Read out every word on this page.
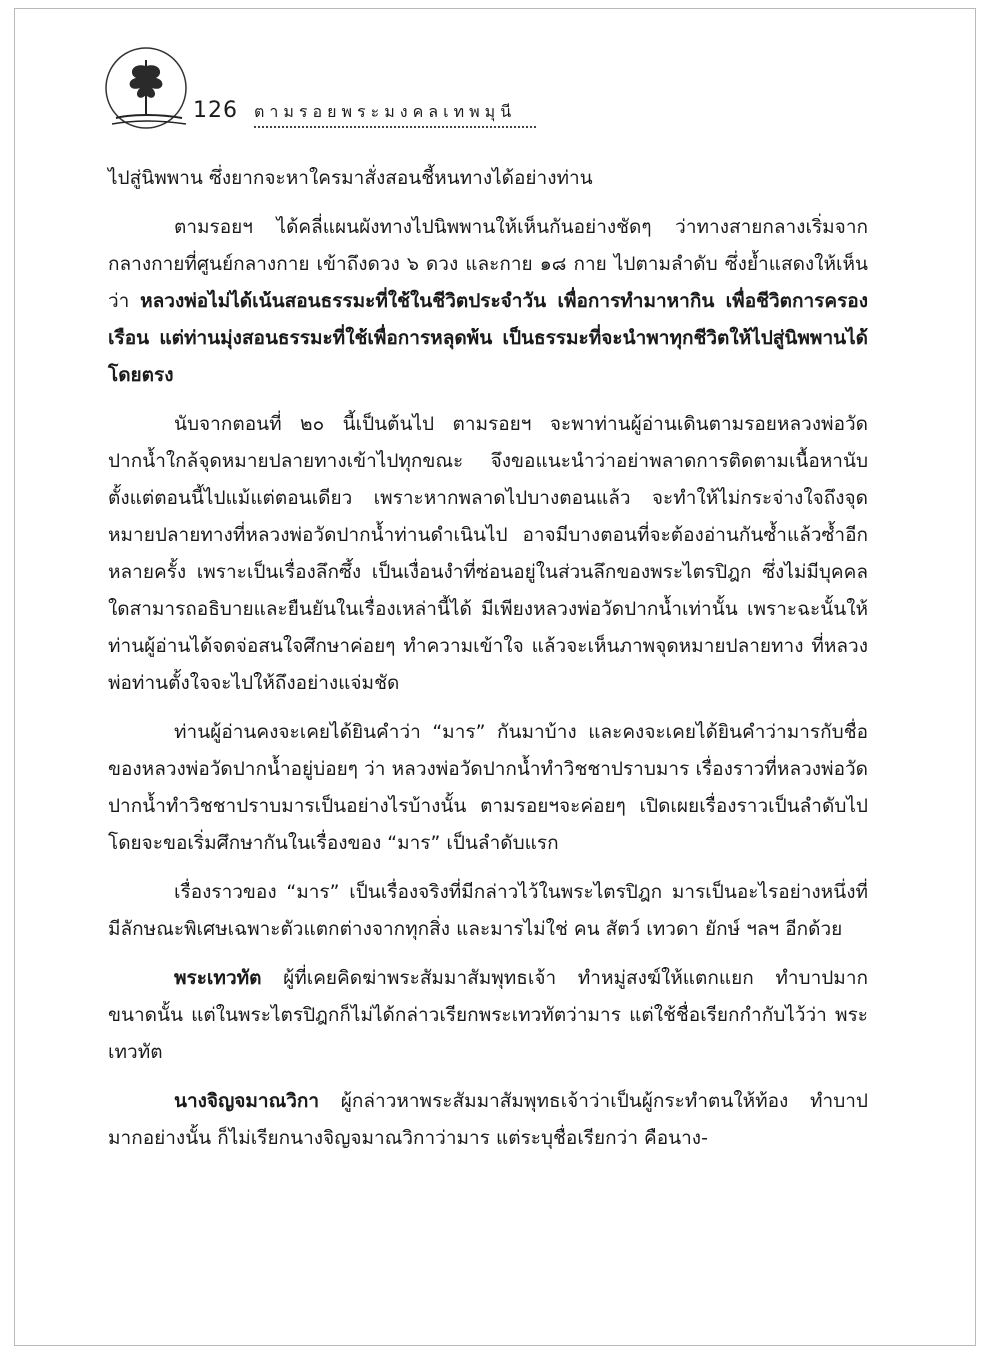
126 ตามรอยพระมงคลเทพมุนี

ไปสู่นิพพาน ซึ่งยากจะหาใครมาสั่งสอนชี้หนทางได้อย่างท่าน

ตามรอยฯ ได้คลี่แผนผังทางไปนิพพานให้เห็นกันอย่างชัดๆ ว่าทางสายกลางเริ่มจากกลางกายที่ศูนย์กลางกาย เข้าถึงดวง ๖ ดวง และกาย ๑๘ กาย ไปตามลำดับ ซึ่งย้ำแสดงให้เห็นว่า หลวงพ่อไม่ได้เน้นสอนธรรมะที่ใช้ในชีวิตประจำวัน เพื่อการทำมาหากิน เพื่อชีวิตการครองเรือน แต่ท่านมุ่งสอนธรรมะที่ใช้เพื่อการหลุดพ้น เป็นธรรมะที่จะนำพาทุกชีวิตให้ไปสู่นิพพานได้โดยตรง

นับจากตอนที่ ๒๐ นี้เป็นต้นไป ตามรอยฯ จะพาท่านผู้อ่านเดินตามรอยหลวงพ่อวัดปากน้ำใกล้จุดหมายปลายทางเข้าไปทุกขณะ จึงขอแนะนำว่าอย่าพลาดการติดตามเนื้อหานับตั้งแต่ตอนนี้ไปแม้แต่ตอนเดียว เพราะหากพลาดไปบางตอนแล้ว จะทำให้ไม่กระจ่างใจถึงจุดหมายปลายทางที่หลวงพ่อวัดปากน้ำท่านดำเนินไป อาจมีบางตอนที่จะต้องอ่านกันซ้ำแล้วซ้ำอีกหลายครั้ง เพราะเป็นเรื่องลึกซึ้ง เป็นเงื่อนงำที่ซ่อนอยู่ในส่วนลึกของพระไตรปิฎก ซึ่งไม่มีบุคคลใดสามารถอธิบายและยืนยันในเรื่องเหล่านี้ได้ มีเพียงหลวงพ่อวัดปากน้ำเท่านั้น เพราะฉะนั้นให้ท่านผู้อ่านได้จดจ่อสนใจศึกษาค่อยๆ ทำความเข้าใจ แล้วจะเห็นภาพจุดหมายปลายทาง ที่หลวงพ่อท่านตั้งใจจะไปให้ถึงอย่างแจ่มชัด

ท่านผู้อ่านคงจะเคยได้ยินคำว่า “มาร” กันมาบ้าง และคงจะเคยได้ยินคำว่ามารกับชื่อของหลวงพ่อวัดปากน้ำอยู่บ่อยๆ ว่า หลวงพ่อวัดปากน้ำทำวิชชาปราบมาร เรื่องราวที่หลวงพ่อวัดปากน้ำทำวิชชาปราบมารเป็นอย่างไรบ้างนั้น ตามรอยฯจะค่อยๆ เปิดเผยเรื่องราวเป็นลำดับไป โดยจะขอเริ่มศึกษากันในเรื่องของ “มาร” เป็นลำดับแรก

เรื่องราวของ “มาร” เป็นเรื่องจริงที่มีกล่าวไว้ในพระไตรปิฎก มารเป็นอะไรอย่างหนึ่งที่มีลักษณะพิเศษเฉพาะตัวแตกต่างจากทุกสิ่ง และมารไม่ใช่ คน สัตว์ เทวดา ยักษ์ ฯลฯ อีกด้วย

พระเทวทัต ผู้ที่เคยคิดฆ่าพระสัมมาสัมพุทธเจ้า ทำหมู่สงฆ์ให้แตกแยก ทำบาปมากขนาดนั้น แต่ในพระไตรปิฎกก็ไม่ได้กล่าวเรียกพระเทวทัตว่ามาร แต่ใช้ชื่อเรียกกำกับไว้ว่า พระเทวทัต

นางจิญจมาณวิกา ผู้กล่าวหาพระสัมมาสัมพุทธเจ้าว่าเป็นผู้กระทำตนให้ท้อง ทำบาปมากอย่างนั้น ก็ไม่เรียกนางจิญจมาณวิกาว่ามาร แต่ระบุชื่อเรียกว่า คือนาง-
